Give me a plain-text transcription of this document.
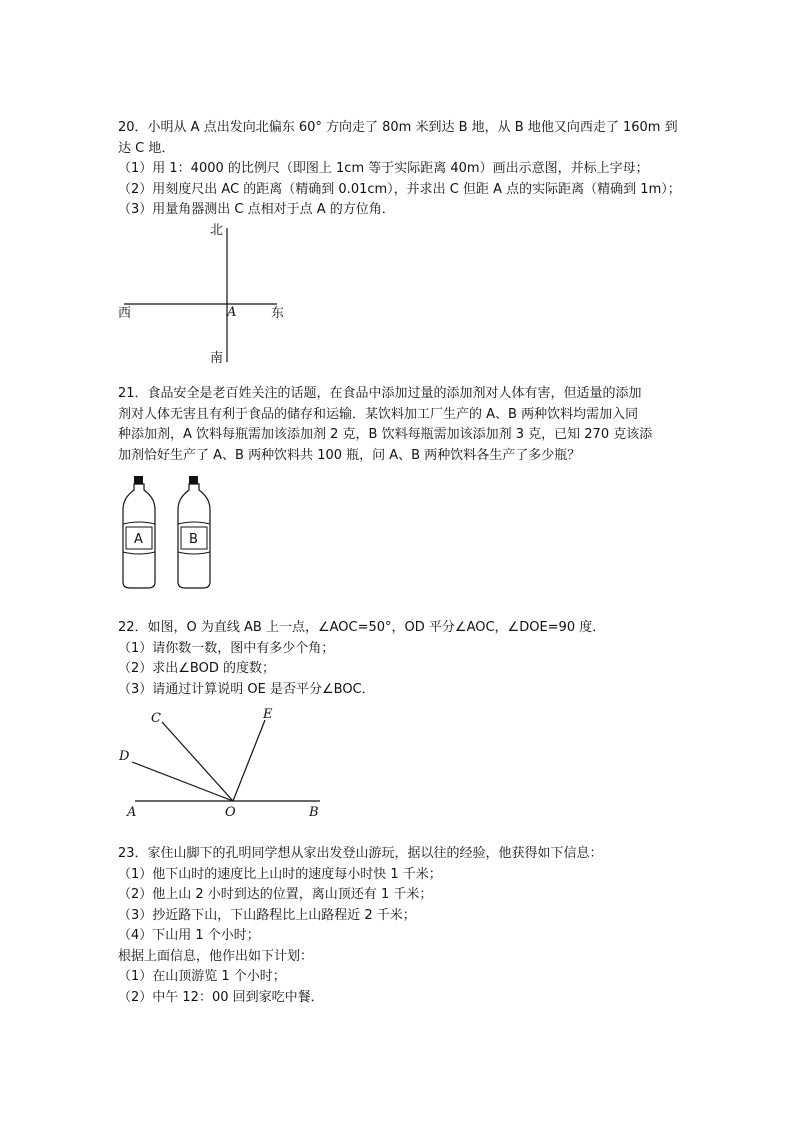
20．小明从 A 点出发向北偏东 60° 方向走了 80m 米到达 B 地，从 B 地他又向西走了 160m 到
达 C 地．
（1）用 1：4000 的比例尺（即图上 1cm 等于实际距离 40m）画出示意图，并标上字母；
（2）用刻度尺出 AC 的距离（精确到 0.01cm），并求出 C 但距 A 点的实际距离（精确到 1m）；
（3）用量角器测出 C 点相对于点 A 的方位角．
北
南
西	东
A
21．食品安全是老百姓关注的话题，在食品中添加过量的添加剂对人体有害，但适量的添加
剂对人体无害且有利于食品的储存和运输．某饮料加工厂生产的 A、B 两种饮料均需加入同
种添加剂，A 饮料每瓶需加该添加剂 2 克，B 饮料每瓶需加该添加剂 3 克，已知 270 克该添
加剂恰好生产了 A、B 两种饮料共 100 瓶，问 A、B 两种饮料各生产了多少瓶？
A	B
22．如图，O 为直线 AB 上一点，∠AOC=50°，OD 平分∠AOC，∠DOE=90 度．
（1）请你数一数，图中有多少个角；
（2）求出∠BOD 的度数；
（3）请通过计算说明 OE 是否平分∠BOC．
C
D
E
A	O	B
23．家住山脚下的孔明同学想从家出发登山游玩，据以往的经验，他获得如下信息：
（1）他下山时的速度比上山时的速度每小时快 1 千米；
（2）他上山 2 小时到达的位置，离山顶还有 1 千米；
（3）抄近路下山，下山路程比上山路程近 2 千米；
（4）下山用 1 个小时；
根据上面信息，他作出如下计划：
（1）在山顶游览 1 个小时；
（2）中午 12：00 回到家吃中餐．
